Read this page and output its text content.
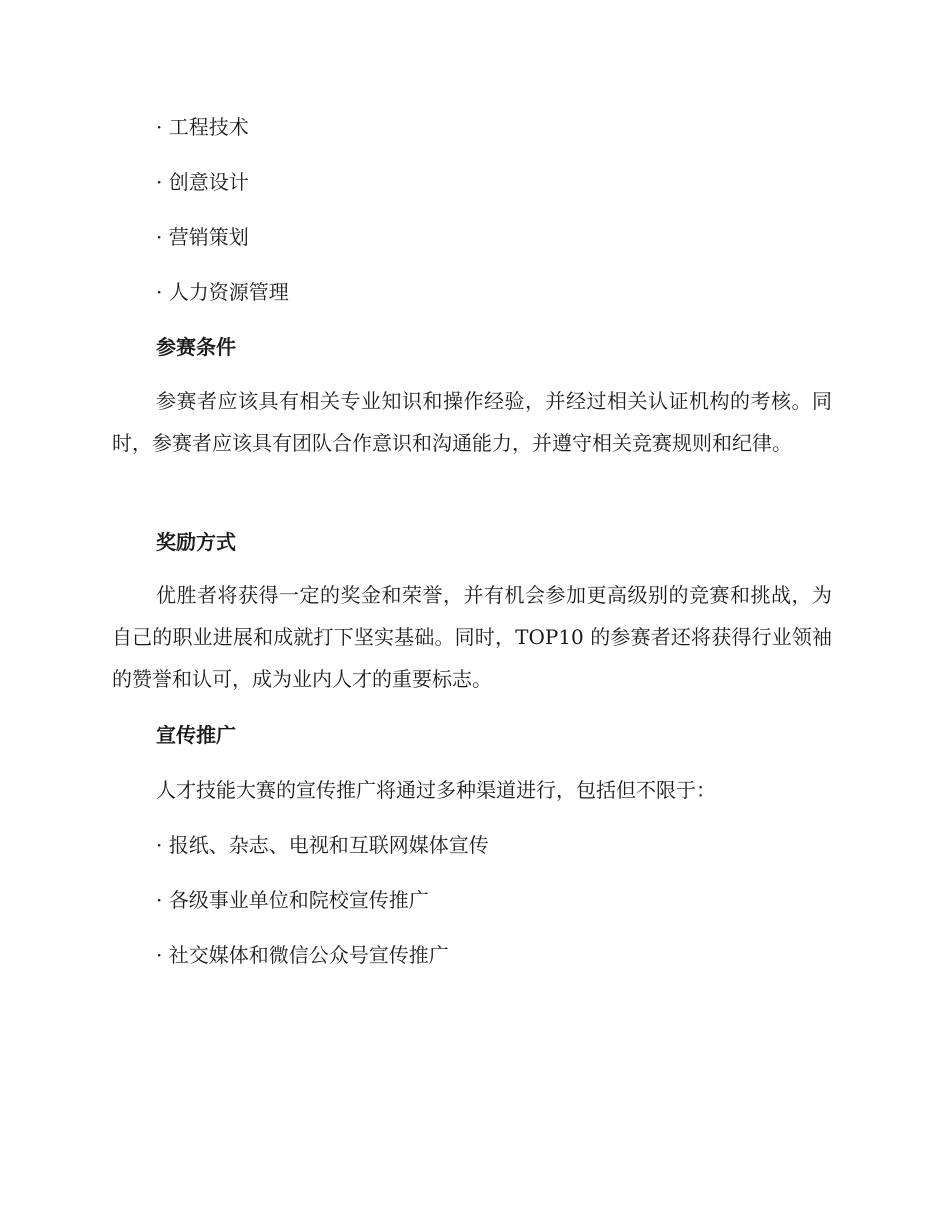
· 工程技术
· 创意设计
· 营销策划
· 人力资源管理
参赛条件
参赛者应该具有相关专业知识和操作经验，并经过相关认证机构的考核。同时，参赛者应该具有团队合作意识和沟通能力，并遵守相关竞赛规则和纪律。
奖励方式
优胜者将获得一定的奖金和荣誉，并有机会参加更高级别的竞赛和挑战，为自己的职业进展和成就打下坚实基础。同时，TOP10 的参赛者还将获得行业领袖的赞誉和认可，成为业内人才的重要标志。
宣传推广
人才技能大赛的宣传推广将通过多种渠道进行，包括但不限于：
· 报纸、杂志、电视和互联网媒体宣传
· 各级事业单位和院校宣传推广
· 社交媒体和微信公众号宣传推广
